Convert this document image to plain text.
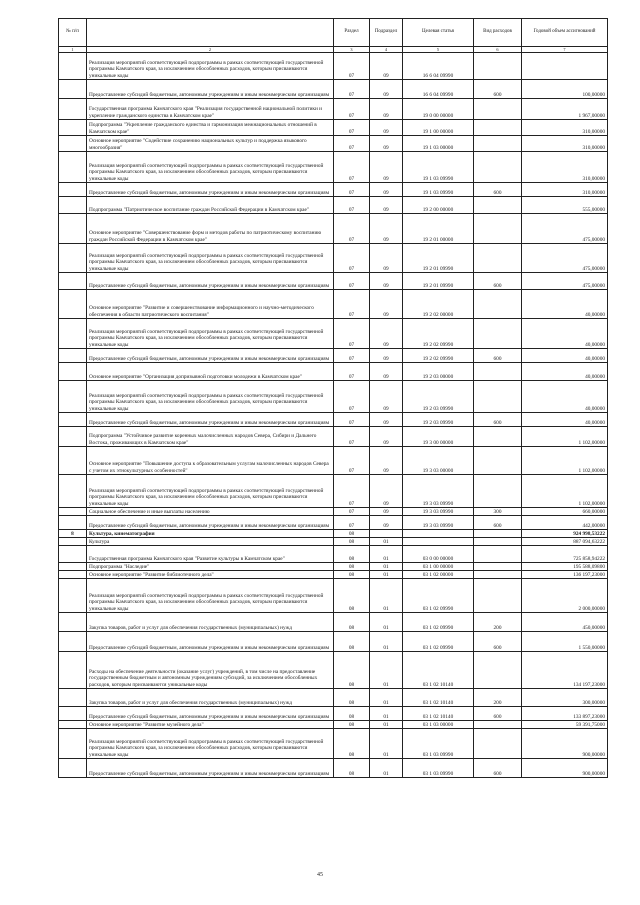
№ п/п		Раздел	Подраздел	Целевая статья	Вид расходов	Годовой объем ассигнований
1	2	3	4	5	6	7
	Реализация мероприятий соответствующей подпрограммы в рамках соответствующей государственной программы Камчатского края, за исключением обособленных расходов, которым присваиваются уникальные коды	07	09	16 6 04 09990		
	Предоставление субсидий бюджетным, автономным учреждениям и иным некоммерческим организациям	07	09	16 6 04 09990	600	100,00000
	Государственная программа Камчатского края "Реализация государственной национальной политики и укрепление гражданского единства в Камчатском крае"	07	09	19 0 00 00000		1 967,00000
	Подпрограмма "Укрепление гражданского единства и гармонизация межнациональных отношений в Камчатском крае"	07	09	19 1 00 00000		310,00000
	Основное мероприятие "Содействие сохранению национальных культур и поддержка языкового многообразия"	07	09	19 1 03 00000		310,00000
	Реализация мероприятий соответствующей подпрограммы в рамках соответствующей государственной программы Камчатского края, за исключением обособленных расходов, которым присваиваются уникальные коды	07	09	19 1 03 09990		310,00000
	Предоставление субсидий бюджетным, автономным учреждениям и иным некоммерческим организациям	07	09	19 1 03 09990	600	310,00000
	Подпрограмма "Патриотическое воспитание граждан Российской Федерации в Камчатском крае"	07	09	19 2 00 00000		555,00000
	Основное мероприятие "Совершенствование форм и методов работы по патриотическому воспитанию граждан Российской Федерации в Камчатском крае"	07	09	19 2 01 00000		475,00000
	Реализация мероприятий соответствующей подпрограммы в рамках соответствующей государственной программы Камчатского края, за исключением обособленных расходов, которым присваиваются уникальные коды	07	09	19 2 01 09990		475,00000
	Предоставление субсидий бюджетным, автономным учреждениям и иным некоммерческим организациям	07	09	19 2 01 09990	600	475,00000
	Основное мероприятие "Развитие и совершенствование информационного и научно-методического обеспечения в области патриотического воспитания"	07	09	19 2 02 00000		40,00000
	Реализация мероприятий соответствующей подпрограммы в рамках соответствующей государственной программы Камчатского края, за исключением обособленных расходов, которым присваиваются уникальные коды	07	09	19 2 02 09990		40,00000
	Предоставление субсидий бюджетным, автономным учреждениям и иным некоммерческим организациям	07	09	19 2 02 09990	600	40,00000
	Основное мероприятие "Организация допризывной подготовки молодежи в Камчатском крае"	07	09	19 2 03 00000		40,00000
	Реализация мероприятий соответствующей подпрограммы в рамках соответствующей государственной программы Камчатского края, за исключением обособленных расходов, которым присваиваются уникальные коды	07	09	19 2 03 09990		40,00000
	Предоставление субсидий бюджетным, автономным учреждениям и иным некоммерческим организациям	07	09	19 2 03 09990	600	40,00000
	Подпрограмма "Устойчивое развитие коренных малочисленных народов Севера, Сибири и Дальнего Востока, проживающих в Камчатском крае"	07	09	19 3 00 00000		1 102,00000
	Основное мероприятие "Повышение доступа к образовательным услугам малочисленных народов Севера с учетом их этнокультурных особенностей"	07	09	19 3 03 00000		1 102,00000
	Реализация мероприятий соответствующей подпрограммы в рамках соответствующей государственной программы Камчатского края, за исключением обособленных расходов, которым присваиваются уникальные коды	07	09	19 3 03 09990		1 102,00000
	Социальное обеспечение и иные выплаты населению	07	09	19 3 03 09990	300	660,00000
	Предоставление субсидий бюджетным, автономным учреждениям и иным некоммерческим организациям	07	09	19 3 03 09990	600	442,00000
8	Культура, кинематография	08				924 998,53222
	Культура	08	01			887 094,63222
	Государственная программа Камчатского края "Развитие культуры в Камчатском крае"	08	01	03 0 00 00000		725 858,94222
	Подпрограмма "Наследие"	08	01	03 1 00 00000		195 588,09800
	Основное мероприятие "Развитие библиотечного дела"	08	01	03 1 02 00000		136 197,23000
	Реализация мероприятий соответствующей подпрограммы в рамках соответствующей государственной программы Камчатского края, за исключением обособленных расходов, которым присваиваются уникальные коды	08	01	03 1 02 09990		2 000,00000
	Закупка товаров, работ и услуг для обеспечения государственных (муниципальных) нужд	08	01	03 1 02 09990	200	450,00000
	Предоставление субсидий бюджетным, автономным учреждениям и иным некоммерческим организациям	08	01	03 1 02 09990	600	1 550,00000
	Расходы на обеспечение деятельности (оказание услуг) учреждений, в том числе на предоставление государственным бюджетным и автономным учреждениям субсидий, за исключением обособленных расходов, которым присваиваются уникальные коды	08	01	03 1 02 10140		134 197,23000
	Закупка товаров, работ и услуг для обеспечения государственных (муниципальных) нужд	08	01	03 1 02 10140	200	300,00000
	Предоставление субсидий бюджетным, автономным учреждениям и иным некоммерческим организациям	08	01	03 1 02 10140	600	133 897,23000
	Основное мероприятие "Развитие музейного дела"	08	01	03 1 03 00000		59 391,75000
	Реализация мероприятий соответствующей подпрограммы в рамках соответствующей государственной программы Камчатского края, за исключением обособленных расходов, которым присваиваются уникальные коды	08	01	03 1 03 09990		900,00000
	Предоставление субсидий бюджетным, автономным учреждениям и иным некоммерческим организациям	08	01	03 1 03 09990	600	900,00000
45
